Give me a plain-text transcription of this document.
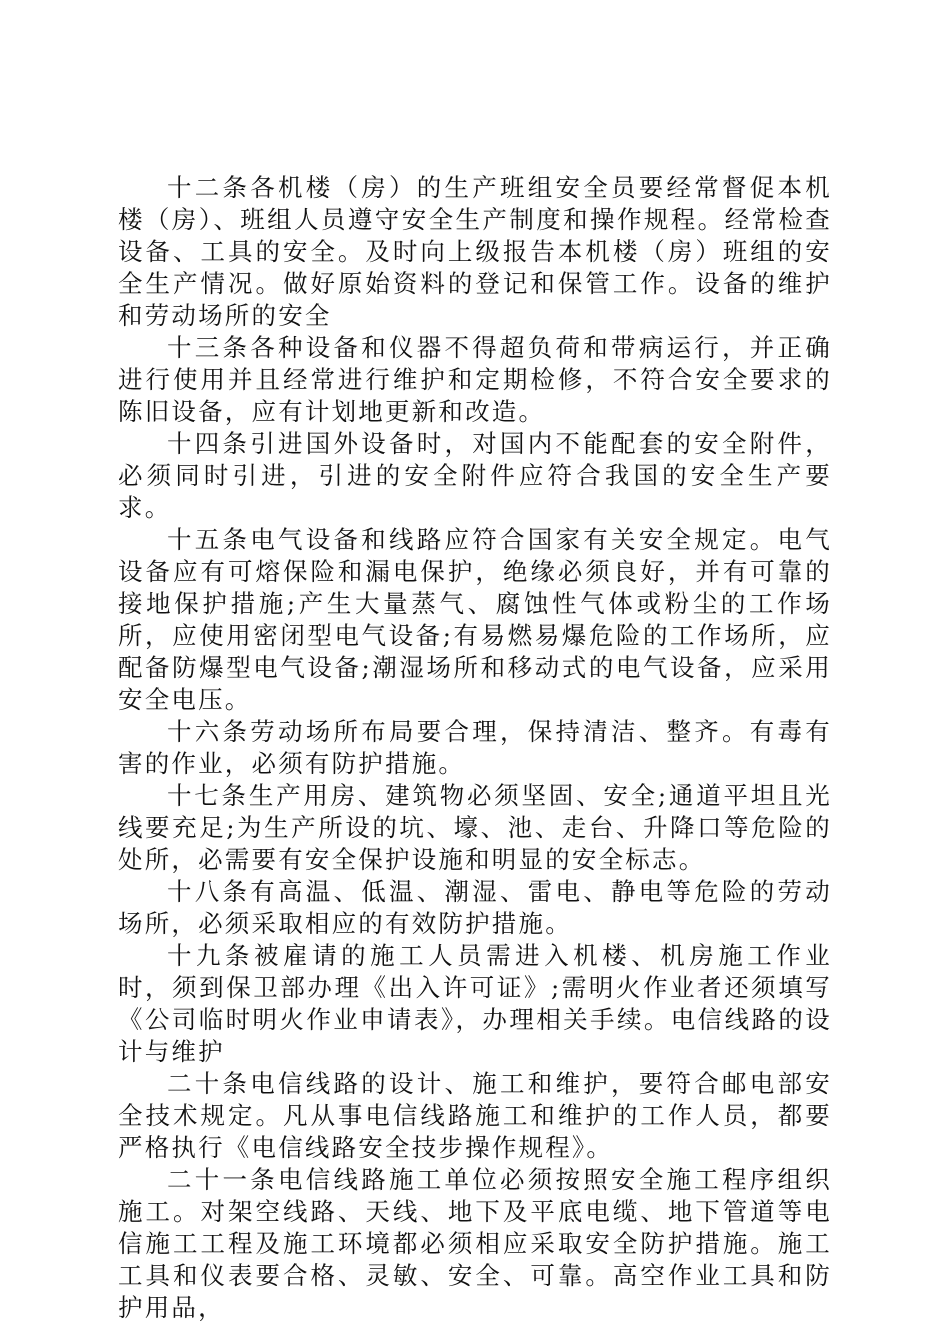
十二条各机楼（房）的生产班组安全员要经常督促本机楼（房）、班组人员遵守安全生产制度和操作规程。经常检查设备、工具的安全。及时向上级报告本机楼（房）班组的安全生产情况。做好原始资料的登记和保管工作。设备的维护和劳动场所的安全

十三条各种设备和仪器不得超负荷和带病运行，并正确进行使用并且经常进行维护和定期检修，不符合安全要求的陈旧设备，应有计划地更新和改造。

十四条引进国外设备时，对国内不能配套的安全附件，必须同时引进，引进的安全附件应符合我国的安全生产要求。

十五条电气设备和线路应符合国家有关安全规定。电气设备应有可熔保险和漏电保护，绝缘必须良好，并有可靠的接地保护措施;产生大量蒸气、腐蚀性气体或粉尘的工作场所，应使用密闭型电气设备;有易燃易爆危险的工作场所，应配备防爆型电气设备;潮湿场所和移动式的电气设备，应采用安全电压。

十六条劳动场所布局要合理，保持清洁、整齐。有毒有害的作业，必须有防护措施。

十七条生产用房、建筑物必须坚固、安全;通道平坦且光线要充足;为生产所设的坑、壕、池、走台、升降口等危险的处所，必需要有安全保护设施和明显的安全标志。

十八条有高温、低温、潮湿、雷电、静电等危险的劳动场所，必须采取相应的有效防护措施。

十九条被雇请的施工人员需进入机楼、机房施工作业时，须到保卫部办理《出入许可证》;需明火作业者还须填写《公司临时明火作业申请表》，办理相关手续。电信线路的设计与维护

二十条电信线路的设计、施工和维护，要符合邮电部安全技术规定。凡从事电信线路施工和维护的工作人员，都要严格执行《电信线路安全技步操作规程》。

二十一条电信线路施工单位必须按照安全施工程序组织施工。对架空线路、天线、地下及平底电缆、地下管道等电信施工工程及施工环境都必须相应采取安全防护措施。施工工具和仪表要合格、灵敏、安全、可靠。高空作业工具和防护用品，
